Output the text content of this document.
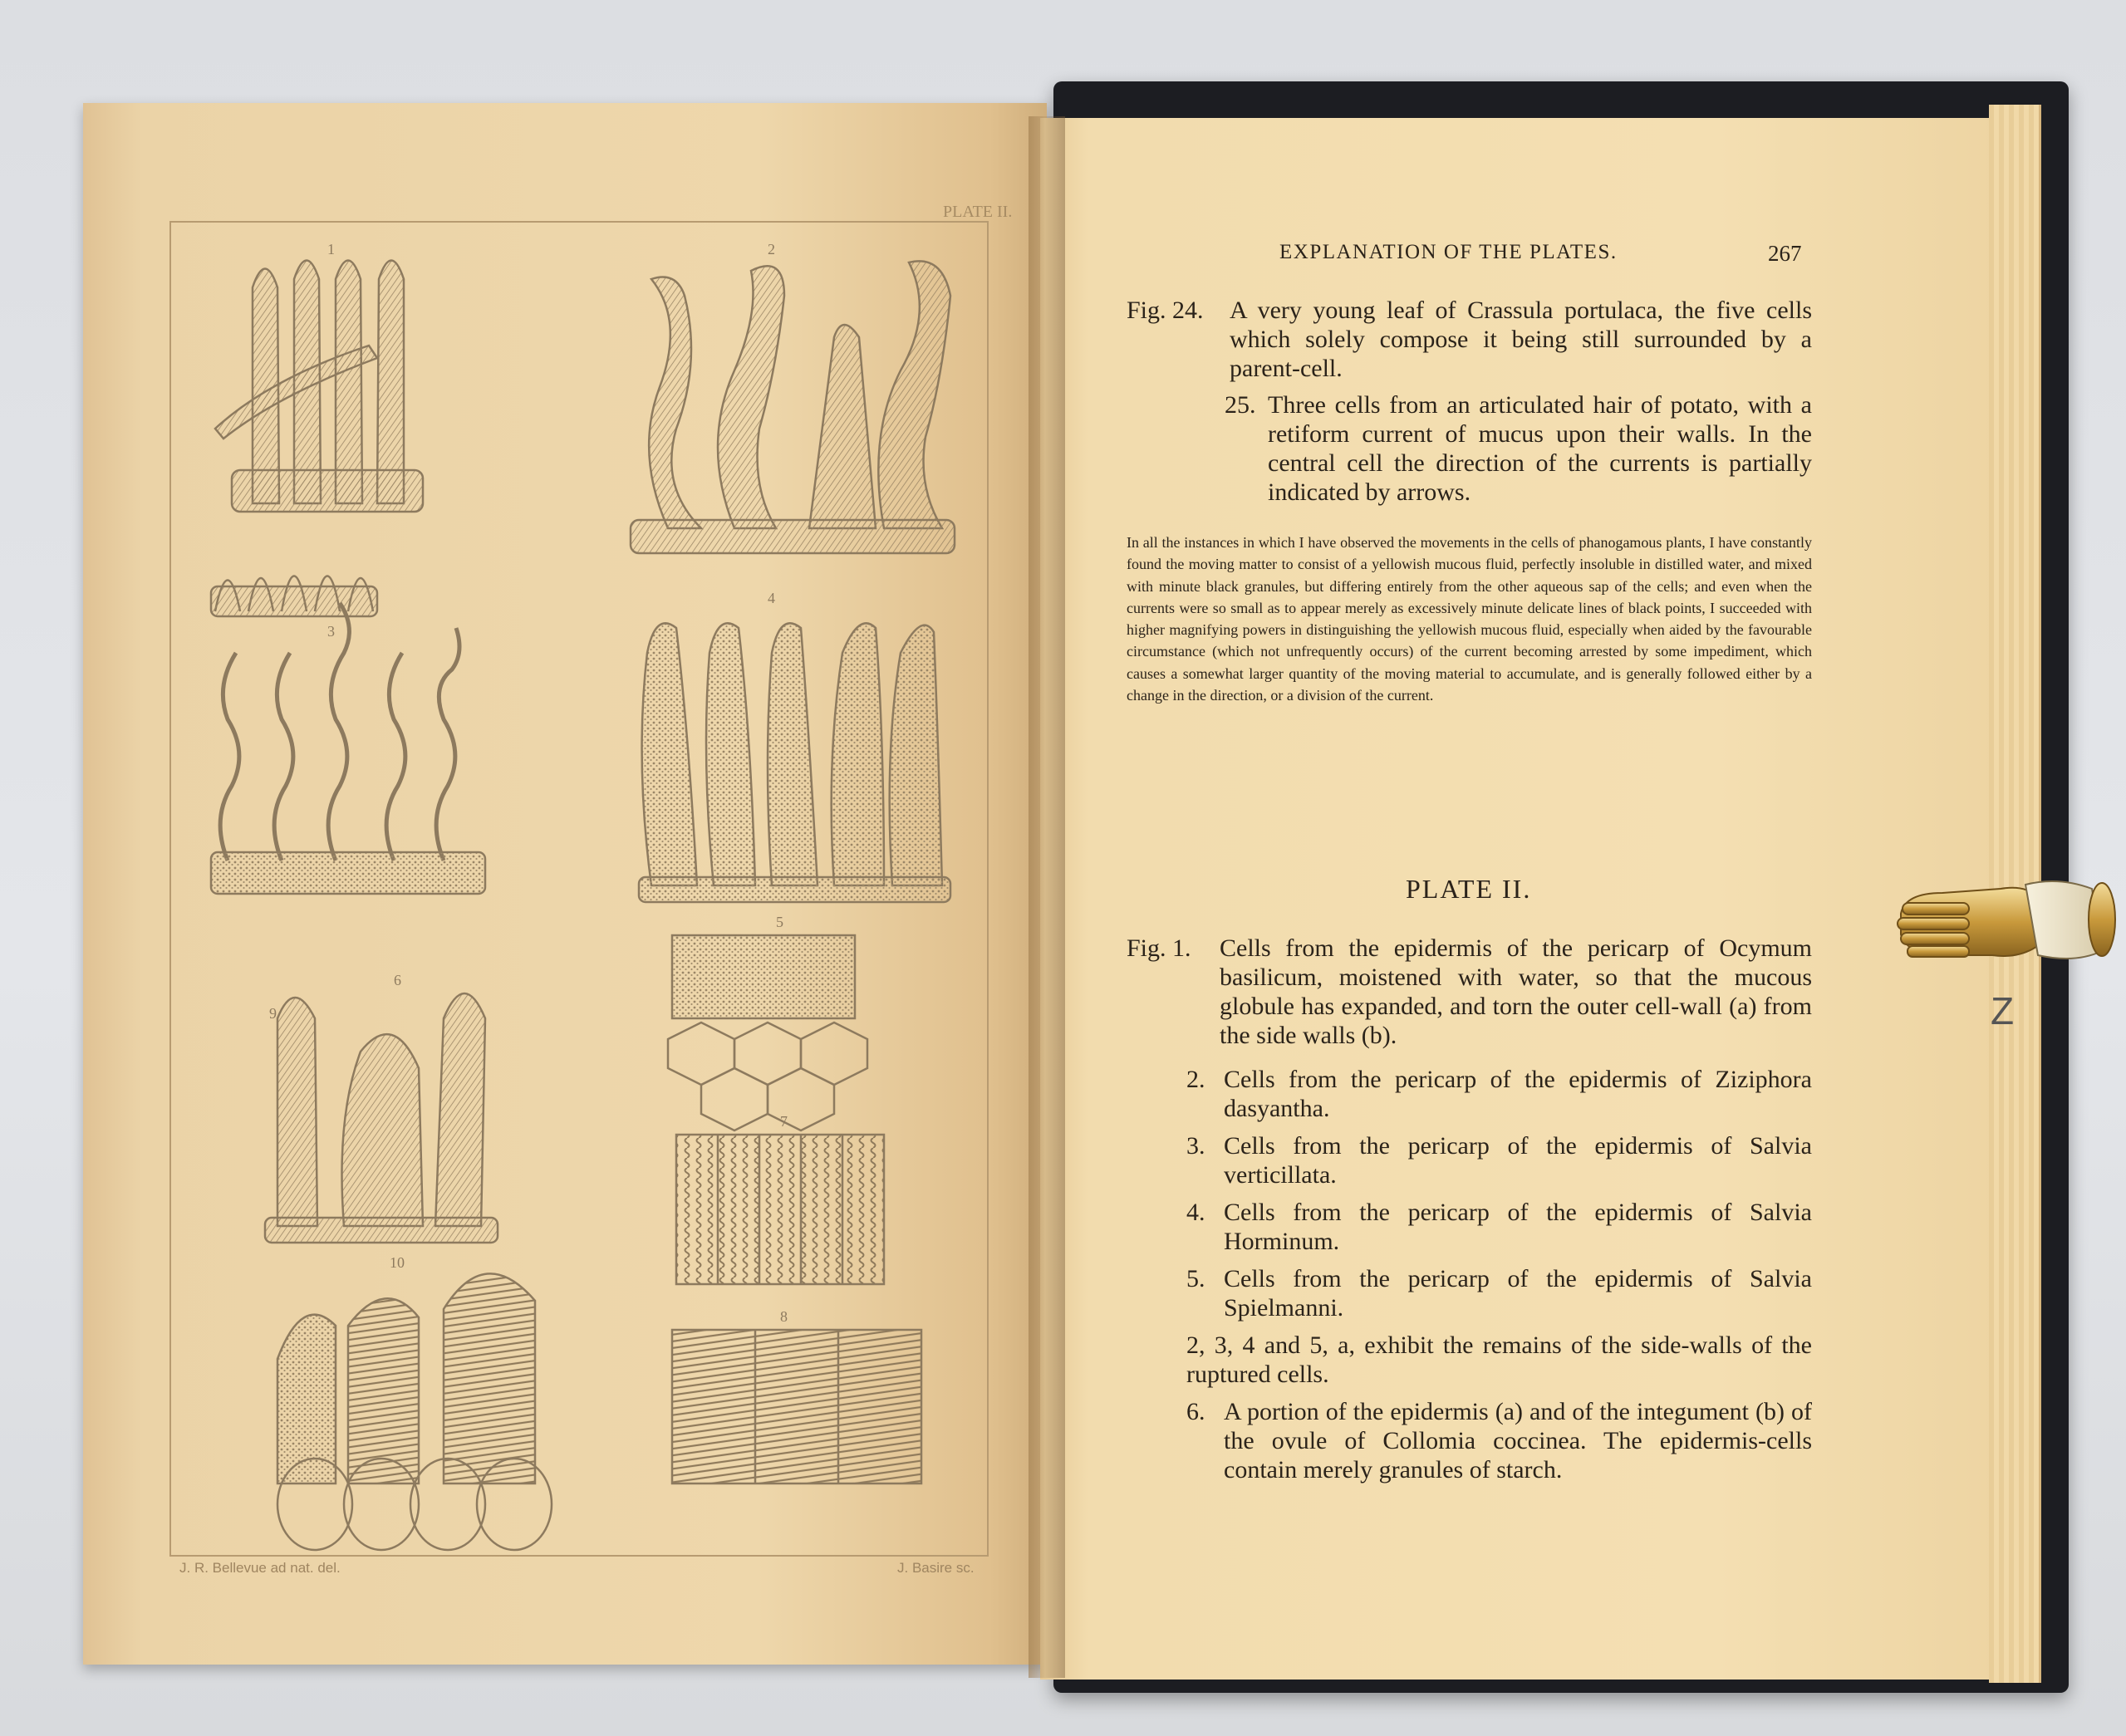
PLATE II.
1	2
3
4
5
6
7
8
9
10
J. R. Bellevue ad nat. del.	J. Basire sc.
EXPLANATION OF THE PLATES.	267
Fig. 24. A very young leaf of Crassula portulaca, the five cells which solely compose it being still surrounded by a parent-cell.
25. Three cells from an articulated hair of potato, with a retiform current of mucus upon their walls. In the central cell the direction of the currents is partially indicated by arrows.
In all the instances in which I have observed the movements in the cells of phanogamous plants, I have constantly found the moving matter to consist of a yellowish mucous fluid, perfectly insoluble in distilled water, and mixed with minute black granules, but differing entirely from the other aqueous sap of the cells; and even when the currents were so small as to appear merely as excessively minute delicate lines of black points, I succeeded with higher magnifying powers in distinguishing the yellowish mucous fluid, especially when aided by the favourable circumstance (which not unfrequently occurs) of the current becoming arrested by some impediment, which causes a somewhat larger quantity of the moving material to accumulate, and is generally followed either by a change in the direction, or a division of the current.
PLATE II.
Fig. 1. Cells from the epidermis of the pericarp of Ocymum basilicum, moistened with water, so that the mucous globule has expanded, and torn the outer cell-wall (a) from the side walls (b).
2. Cells from the pericarp of the epidermis of Ziziphora dasyantha.
3. Cells from the pericarp of the epidermis of Salvia verticillata.
4. Cells from the pericarp of the epidermis of Salvia Horminum.
5. Cells from the pericarp of the epidermis of Salvia Spielmanni.
2, 3, 4 and 5, a, exhibit the remains of the side-walls of the ruptured cells.
6. A portion of the epidermis (a) and of the integument (b) of the ovule of Collomia coccinea. The epidermis-cells contain merely granules of starch.
Z
